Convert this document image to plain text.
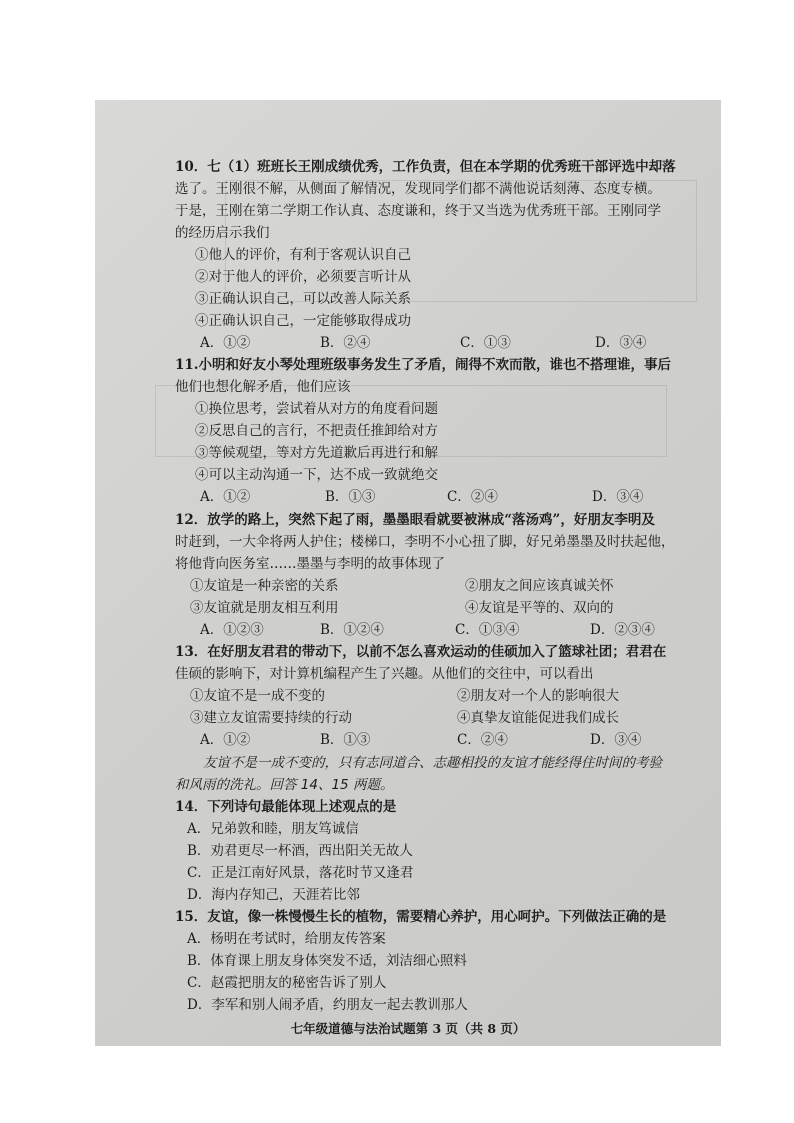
10．七（1）班班长王刚成绩优秀，工作负责，但在本学期的优秀班干部评选中却落
选了。王刚很不解，从侧面了解情况，发现同学们都不满他说话刻薄、态度专横。
于是，王刚在第二学期工作认真、态度谦和，终于又当选为优秀班干部。王刚同学
的经历启示我们
①他人的评价，有利于客观认识自己
②对于他人的评价，必须要言听计从
③正确认识自己，可以改善人际关系
④正确认识自己，一定能够取得成功
A．①②	B．②④	C．①③	D．③④
11.小明和好友小琴处理班级事务发生了矛盾，闹得不欢而散，谁也不搭理谁，事后
他们也想化解矛盾，他们应该
①换位思考，尝试着从对方的角度看问题
②反思自己的言行，不把责任推卸给对方
③等候观望，等对方先道歉后再进行和解
④可以主动沟通一下，达不成一致就绝交
A．①②	B．①③	C．②④	D．③④
12．放学的路上，突然下起了雨，墨墨眼看就要被淋成“落汤鸡”，好朋友李明及
时赶到，一大伞将两人护住；楼梯口，李明不小心扭了脚，好兄弟墨墨及时扶起他，
将他背向医务室……墨墨与李明的故事体现了
①友谊是一种亲密的关系	②朋友之间应该真诚关怀
③友谊就是朋友相互利用	④友谊是平等的、双向的
A．①②③	B．①②④	C．①③④	D．②③④
13．在好朋友君君的带动下，以前不怎么喜欢运动的佳硕加入了篮球社团；君君在
佳硕的影响下，对计算机编程产生了兴趣。从他们的交往中，可以看出
①友谊不是一成不变的	②朋友对一个人的影响很大
③建立友谊需要持续的行动	④真挚友谊能促进我们成长
A．①②	B．①③	C．②④	D．③④
友谊不是一成不变的，只有志同道合、志趣相投的友谊才能经得住时间的考验
和风雨的洗礼。回答 14、15 两题。
14．下列诗句最能体现上述观点的是
A．兄弟敦和睦，朋友笃诚信
B．劝君更尽一杯酒，西出阳关无故人
C．正是江南好风景，落花时节又逢君
D．海内存知己，天涯若比邻
15．友谊，像一株慢慢生长的植物，需要精心养护，用心呵护。下列做法正确的是
A．杨明在考试时，给朋友传答案
B．体育课上朋友身体突发不适，刘洁细心照料
C．赵霞把朋友的秘密告诉了别人
D．李军和别人闹矛盾，约朋友一起去教训那人
七年级道德与法治试题第 3 页（共 8 页）
